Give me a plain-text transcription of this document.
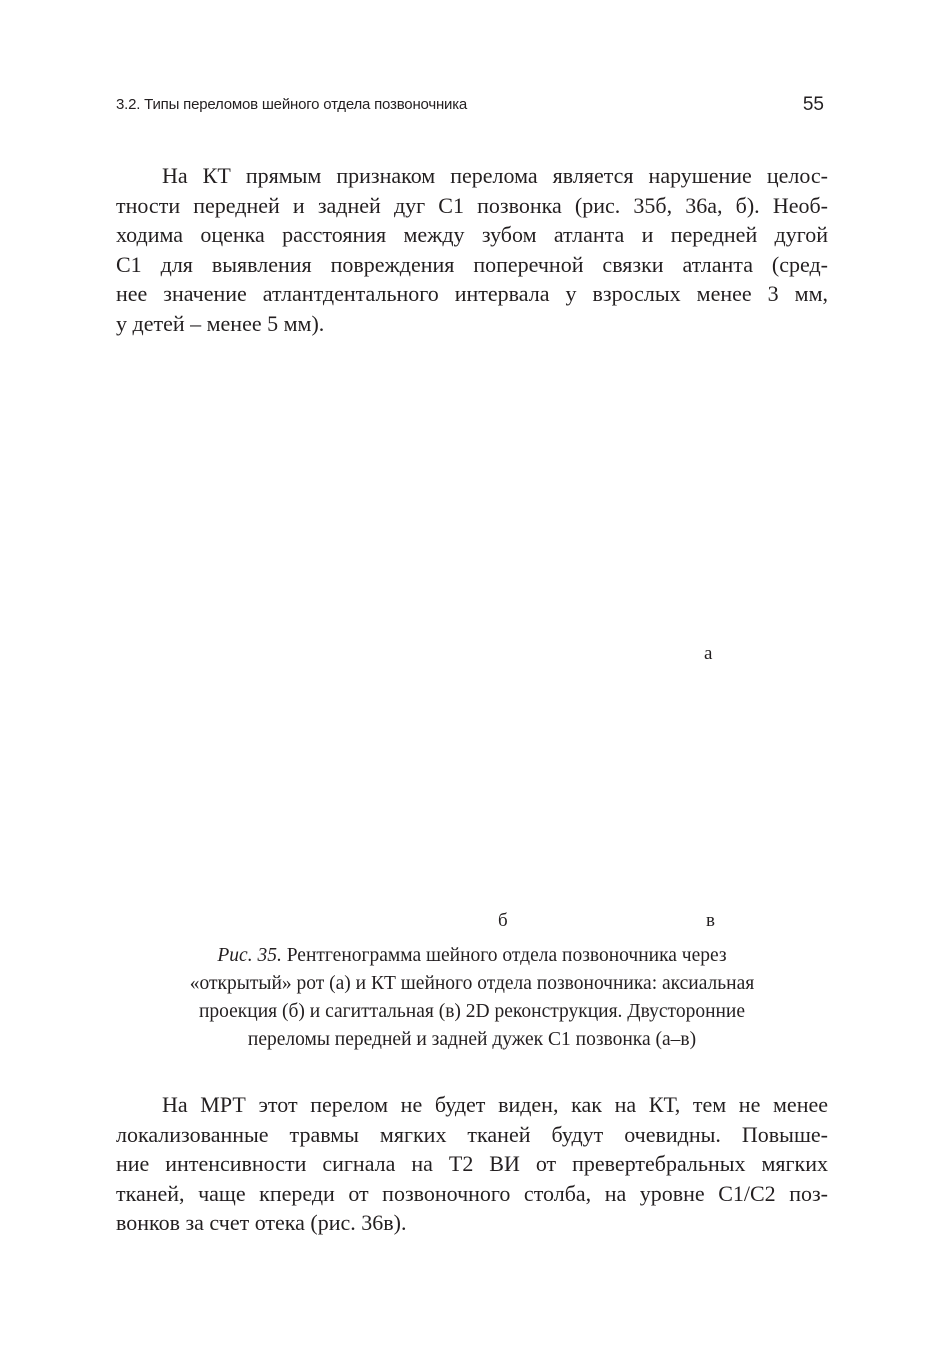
3.2. Типы переломов шейного отдела позвоночника	55
На КТ прямым признаком перелома является нарушение целос-
тности передней и задней дуг С1 позвонка (рис. 35б, 36а, б). Необ-
ходима оценка расстояния между зубом атланта и передней дугой
С1 для выявления повреждения поперечной связки атланта (сред-
нее значение атлантдентального интервала у взрослых менее 3 мм,
у детей – менее 5 мм).
а
б	в
Рис. 35. Рентгенограмма шейного отдела позвоночника через
«открытый» рот (а) и КТ шейного отдела позвоночника: аксиальная
проекция (б) и сагиттальная (в) 2D реконструкция. Двусторонние
переломы передней и задней дужек С1 позвонка (а–в)
На МРТ этот перелом не будет виден, как на КТ, тем не менее
локализованные травмы мягких тканей будут очевидны. Повыше-
ние интенсивности сигнала на Т2 ВИ от превертебральных мягких
тканей, чаще кпереди от позвоночного столба, на уровне С1/С2 поз-
вонков за счет отека (рис. 36в).
